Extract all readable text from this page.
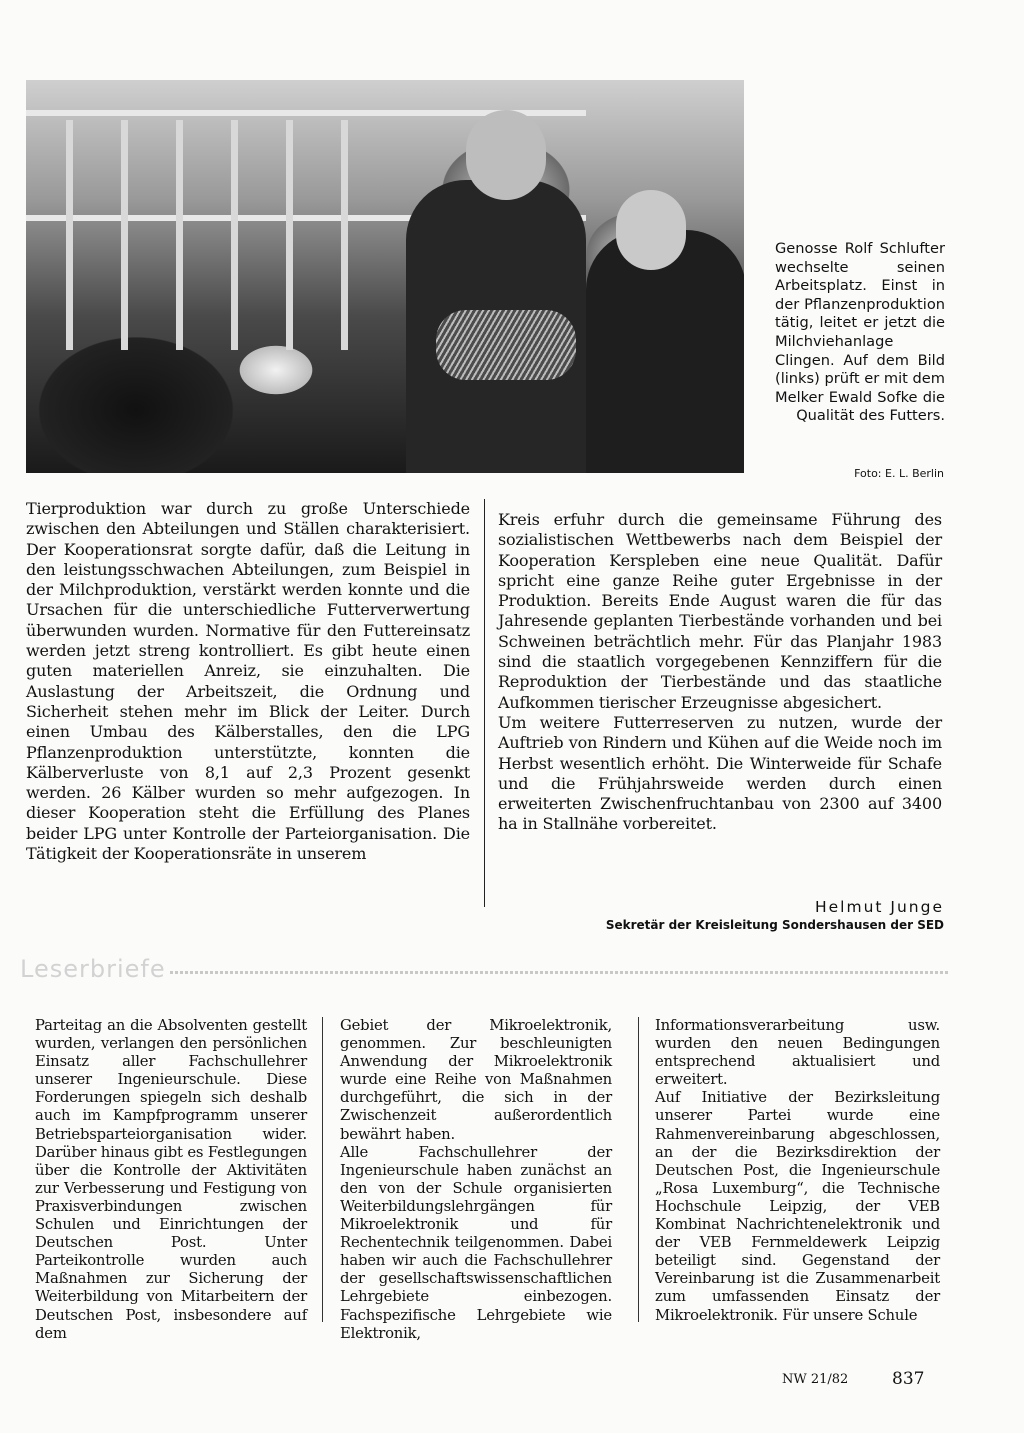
Genosse Rolf Schlufter wechselte seinen Arbeitsplatz. Einst in der Pflanzenproduktion tätig, leitet er jetzt die Milchviehanlage Clingen. Auf dem Bild (links) prüft er mit dem Melker Ewald Sofke die Qualität des Futters.
Foto: E. L. Berlin
Tierproduktion war durch zu große Unterschiede zwischen den Abteilungen und Ställen charakterisiert. Der Kooperationsrat sorgte dafür, daß die Leitung in den leistungsschwachen Abteilungen, zum Beispiel in der Milchproduktion, verstärkt werden konnte und die Ursachen für die unterschiedliche Futterverwertung überwunden wurden. Normative für den Futtereinsatz werden jetzt streng kontrolliert. Es gibt heute einen guten materiellen Anreiz, sie einzuhalten. Die Auslastung der Arbeitszeit, die Ordnung und Sicherheit stehen mehr im Blick der Leiter. Durch einen Umbau des Kälberstalles, den die LPG Pflanzenproduktion unterstützte, konnten die Kälberverluste von 8,1 auf 2,3 Prozent gesenkt werden. 26 Kälber wurden so mehr aufgezogen. In dieser Kooperation steht die Erfüllung des Planes beider LPG unter Kontrolle der Parteiorganisation. Die Tätigkeit der Kooperationsräte in unserem

Kreis erfuhr durch die gemeinsame Führung des sozialistischen Wettbewerbs nach dem Beispiel der Kooperation Kerspleben eine neue Qualität. Dafür spricht eine ganze Reihe guter Ergebnisse in der Produktion. Bereits Ende August waren die für das Jahresende geplanten Tierbestände vorhanden und bei Schweinen beträchtlich mehr. Für das Planjahr 1983 sind die staatlich vorgegebenen Kennziffern für die Reproduktion der Tierbestände und das staatliche Aufkommen tierischer Erzeugnisse abgesichert.

Um weitere Futterreserven zu nutzen, wurde der Auftrieb von Rindern und Kühen auf die Weide noch im Herbst wesentlich erhöht. Die Winterweide für Schafe und die Frühjahrsweide werden durch einen erweiterten Zwischenfruchtanbau von 2300 auf 3400 ha in Stallnähe vorbereitet.

Helmut Junge
Sekretär der Kreisleitung Sondershausen der SED
Leserbriefe
Parteitag an die Absolventen gestellt wurden, verlangen den persönlichen Einsatz aller Fachschullehrer unserer Ingenieurschule. Diese Forderungen spiegeln sich deshalb auch im Kampfprogramm unserer Betriebsparteiorganisation wider. Darüber hinaus gibt es Festlegungen über die Kontrolle der Aktivitäten zur Verbesserung und Festigung von Praxisverbindungen zwischen Schulen und Einrichtungen der Deutschen Post. Unter Parteikontrolle wurden auch Maßnahmen zur Sicherung der Weiterbildung von Mitarbeitern der Deutschen Post, insbesondere auf dem

Gebiet der Mikroelektronik, genommen. Zur beschleunigten Anwendung der Mikroelektronik wurde eine Reihe von Maßnahmen durchgeführt, die sich in der Zwischenzeit außerordentlich bewährt haben.

Alle Fachschullehrer der Ingenieurschule haben zunächst an den von der Schule organisierten Weiterbildungslehrgängen für Mikroelektronik und für Rechentechnik teilgenommen. Dabei haben wir auch die Fachschullehrer der gesellschaftswissenschaftlichen Lehrgebiete einbezogen. Fachspezifische Lehrgebiete wie Elektronik,

Informationsverarbeitung usw. wurden den neuen Bedingungen entsprechend aktualisiert und erweitert.

Auf Initiative der Bezirksleitung unserer Partei wurde eine Rahmenvereinbarung abgeschlossen, an der die Bezirksdirektion der Deutschen Post, die Ingenieurschule „Rosa Luxemburg“, die Technische Hochschule Leipzig, der VEB Kombinat Nachrichtenelektronik und der VEB Fernmeldewerk Leipzig beteiligt sind. Gegenstand der Vereinbarung ist die Zusammenarbeit zum umfassenden Einsatz der Mikroelektronik. Für unsere Schule

NW 21/82	837
